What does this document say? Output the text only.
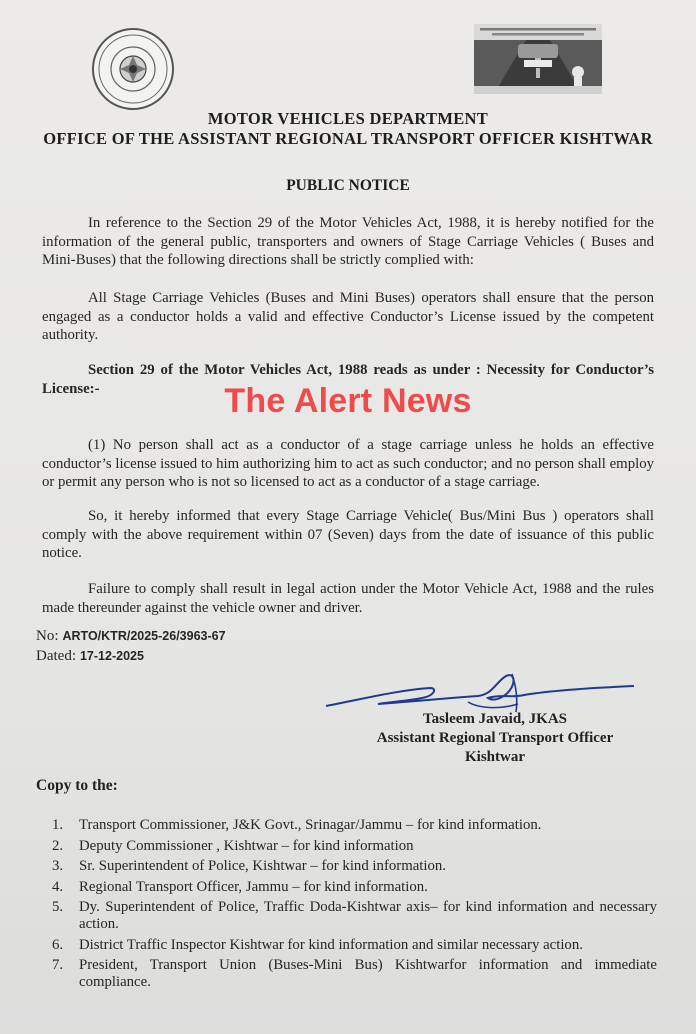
MOTOR VEHICLES DEPARTMENT
OFFICE OF THE ASSISTANT REGIONAL TRANSPORT OFFICER KISHTWAR
PUBLIC NOTICE
In reference to the Section 29 of the Motor Vehicles Act, 1988, it is hereby notified for the information of the general public, transporters and owners of Stage Carriage Vehicles ( Buses and Mini-Buses) that the following directions shall be strictly complied with:
All Stage Carriage Vehicles (Buses and Mini Buses) operators shall ensure that the person engaged as a conductor holds a valid and effective Conductor’s License issued by the competent authority.
Section 29 of the Motor Vehicles Act, 1988 reads as under : Necessity for Conductor’s License:-	The Alert News
(1) No person shall act as a conductor of a stage carriage unless he holds an effective conductor’s license issued to him authorizing him to act as such conductor; and no person shall employ or permit any person who is not so licensed to act as a conductor of a stage carriage.
So, it hereby informed that every Stage Carriage Vehicle( Bus/Mini Bus ) operators shall comply with the above requirement within 07 (Seven) days from the date of issuance of this public notice.
Failure to comply shall result in legal action under the Motor Vehicle Act, 1988 and the rules made thereunder against the vehicle owner and driver.
No: ARTO/KTR/2025-26/3963-67
Dated: 17-12-2025
Tasleem Javaid, JKAS
Assistant Regional Transport Officer
Kishtwar
Copy to the:
1.	Transport Commissioner, J&K Govt., Srinagar/Jammu – for kind information.
2.	Deputy Commissioner , Kishtwar – for kind information
3.	Sr. Superintendent of Police, Kishtwar – for kind information.
4.	Regional Transport Officer, Jammu – for kind information.
5.	Dy. Superintendent of Police, Traffic Doda-Kishtwar axis– for kind information and necessary action.
6.	District Traffic Inspector Kishtwar for kind information and similar necessary action.
7.	President, Transport Union (Buses-Mini Bus) Kishtwarfor information and immediate compliance.
